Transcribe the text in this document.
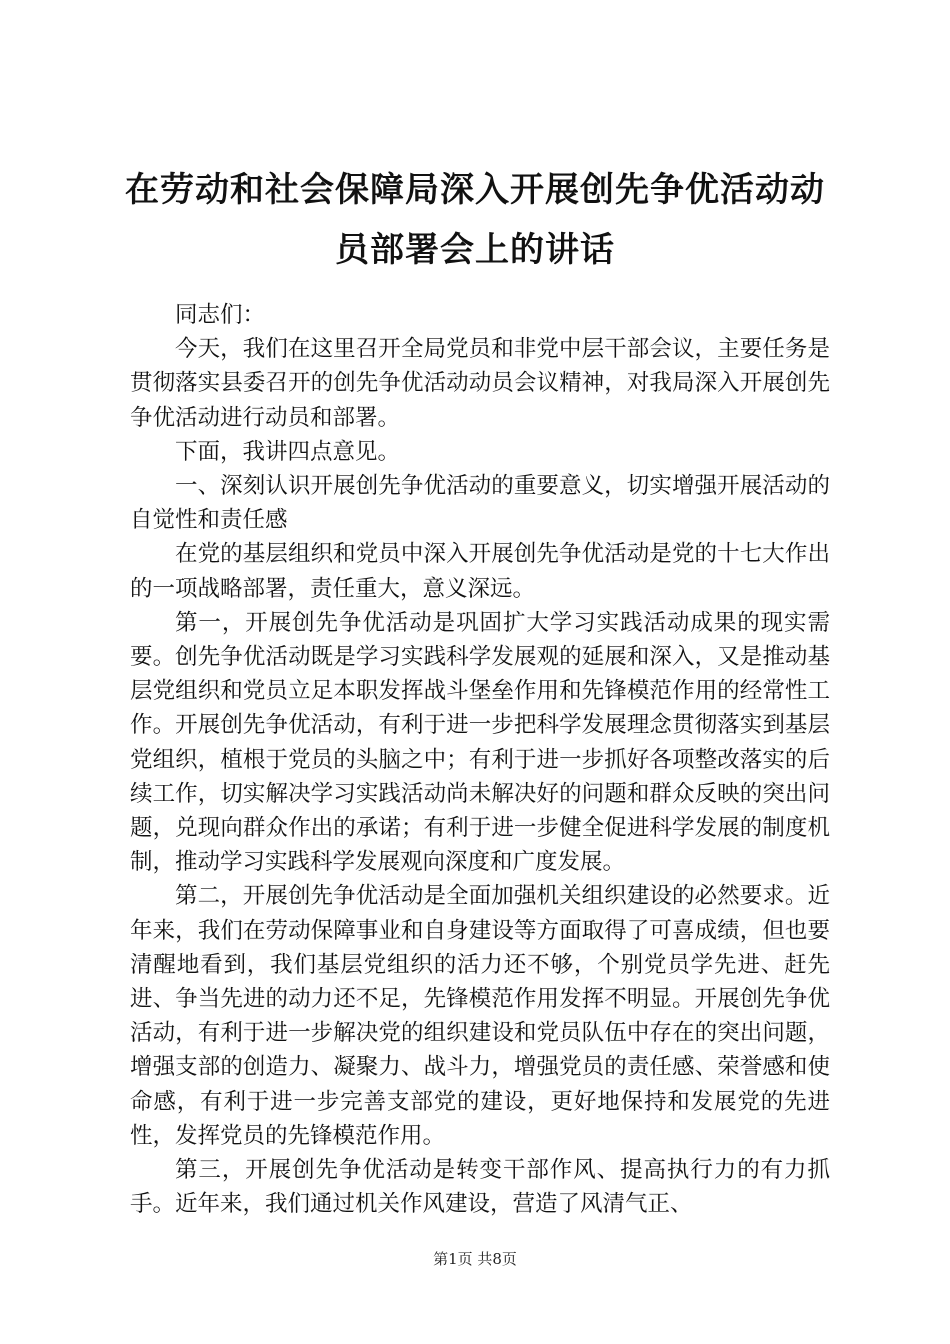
在劳动和社会保障局深入开展创先争优活动动
员部署会上的讲话

同志们：

今天，我们在这里召开全局党员和非党中层干部会议，主要任务是贯彻落实县委召开的创先争优活动动员会议精神，对我局深入开展创先争优活动进行动员和部署。

下面，我讲四点意见。

一、深刻认识开展创先争优活动的重要意义，切实增强开展活动的自觉性和责任感

在党的基层组织和党员中深入开展创先争优活动是党的十七大作出的一项战略部署，责任重大，意义深远。

第一，开展创先争优活动是巩固扩大学习实践活动成果的现实需要。创先争优活动既是学习实践科学发展观的延展和深入，又是推动基层党组织和党员立足本职发挥战斗堡垒作用和先锋模范作用的经常性工作。开展创先争优活动，有利于进一步把科学发展理念贯彻落实到基层党组织，植根于党员的头脑之中；有利于进一步抓好各项整改落实的后续工作，切实解决学习实践活动尚未解决好的问题和群众反映的突出问题，兑现向群众作出的承诺；有利于进一步健全促进科学发展的制度机制，推动学习实践科学发展观向深度和广度发展。

第二，开展创先争优活动是全面加强机关组织建设的必然要求。近年来，我们在劳动保障事业和自身建设等方面取得了可喜成绩，但也要清醒地看到，我们基层党组织的活力还不够，个别党员学先进、赶先进、争当先进的动力还不足，先锋模范作用发挥不明显。开展创先争优活动，有利于进一步解决党的组织建设和党员队伍中存在的突出问题，增强支部的创造力、凝聚力、战斗力，增强党员的责任感、荣誉感和使命感，有利于进一步完善支部党的建设，更好地保持和发展党的先进性，发挥党员的先锋模范作用。

第三，开展创先争优活动是转变干部作风、提高执行力的有力抓手。近年来，我们通过机关作风建设，营造了风清气正、

第1页 共8页
